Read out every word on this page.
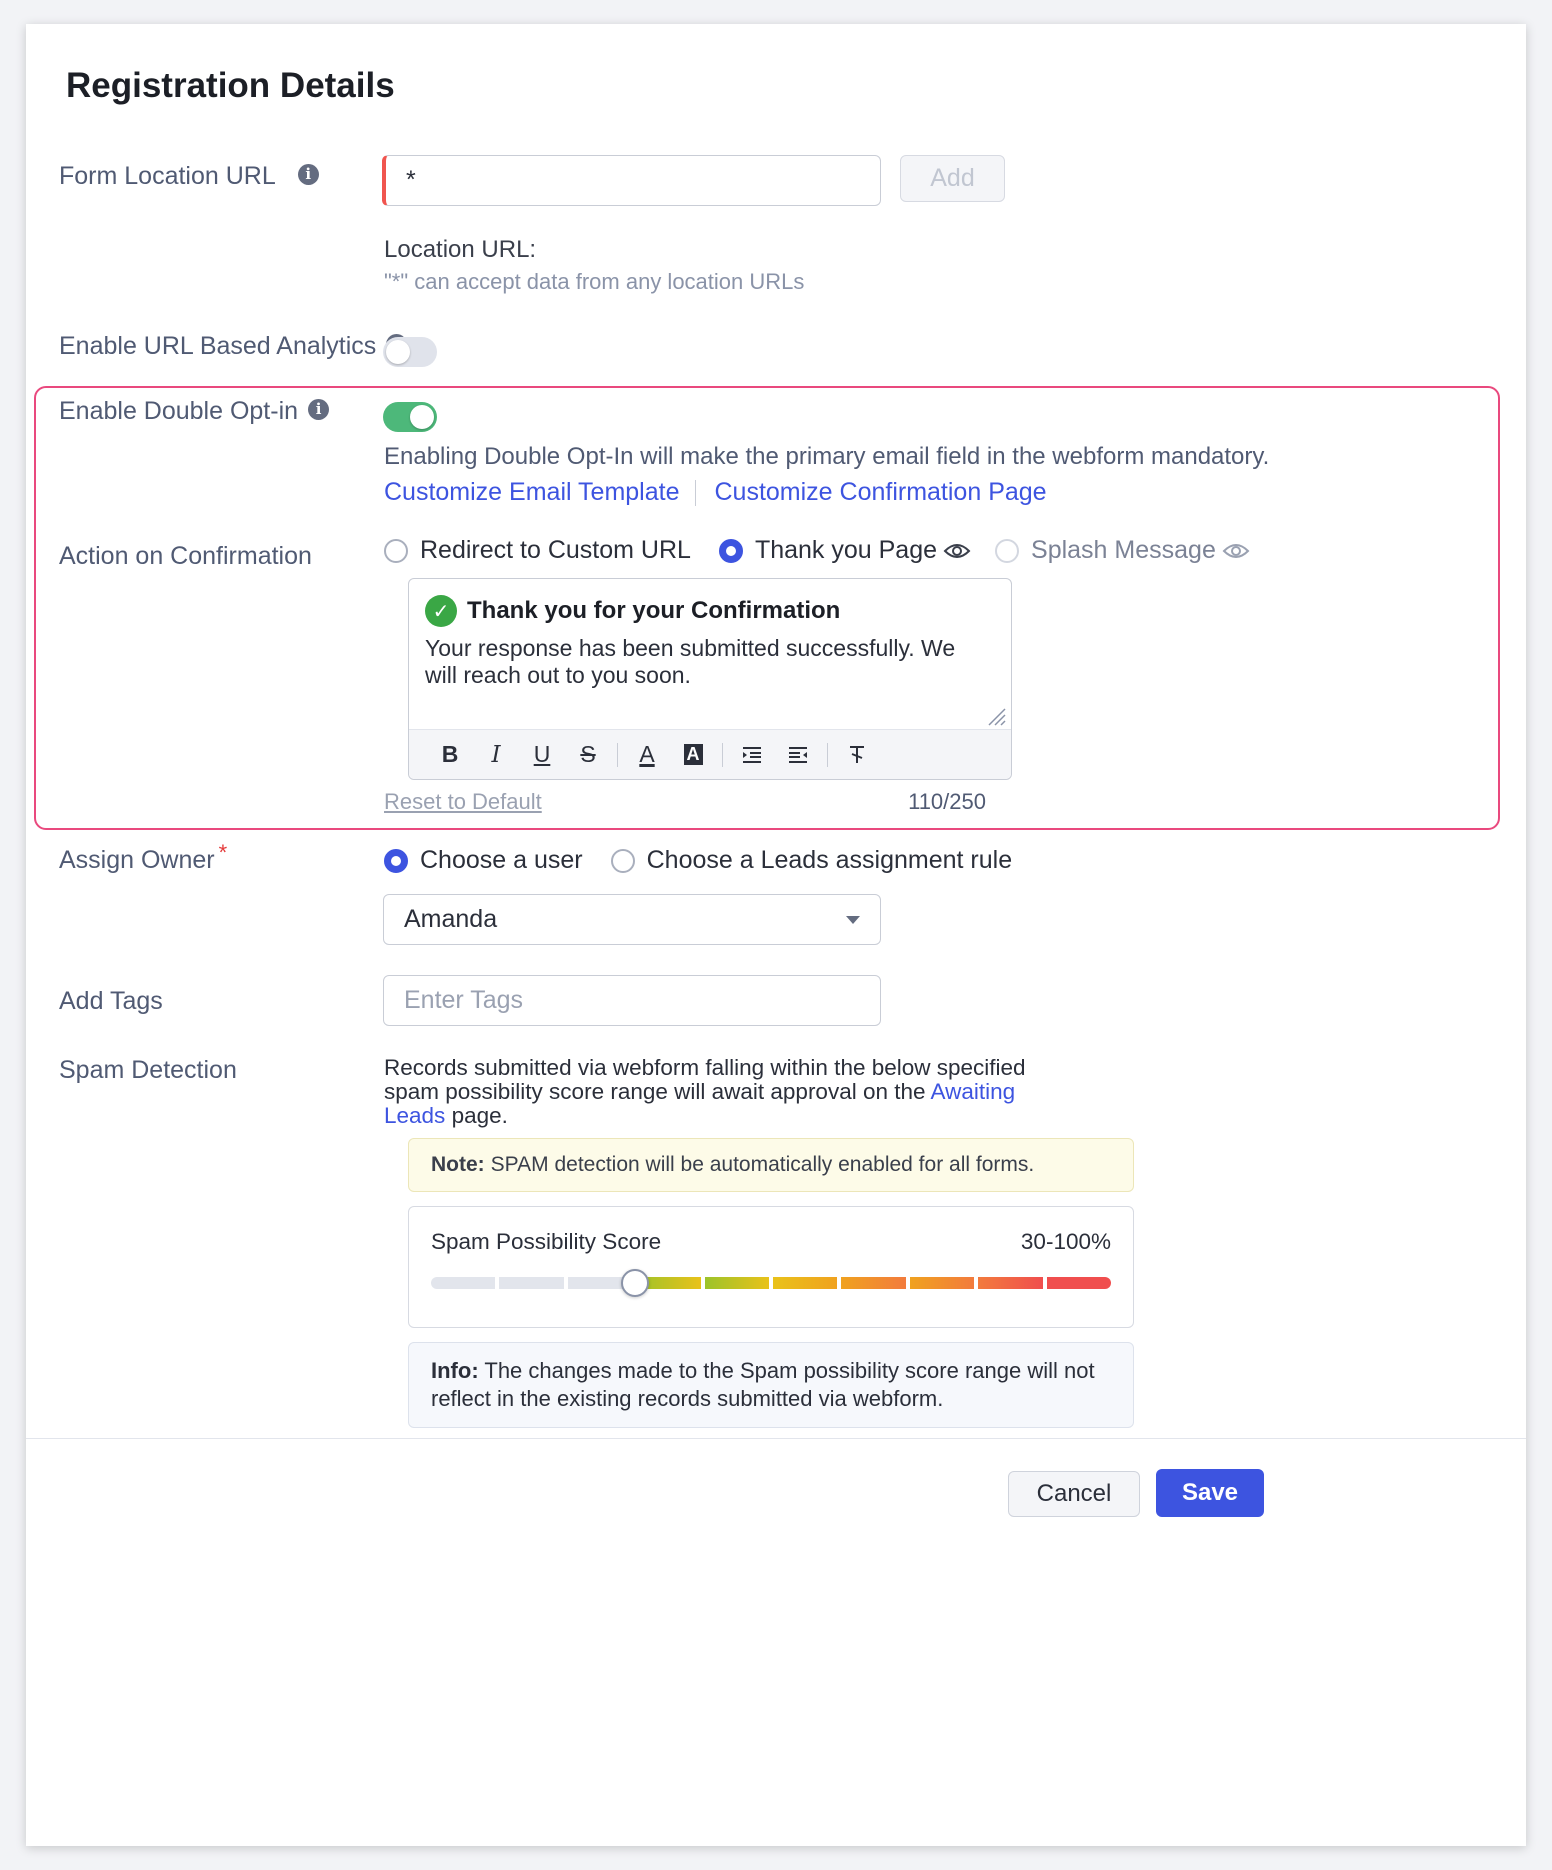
Registration Details
Form Location URL i	*	Add
Location URL:
"*" can accept data from any location URLs
Enable URL Based Analytics
Enable Double Opt-in i
Enabling Double Opt-In will make the primary email field in the webform mandatory.
Customize Email Template Customize Confirmation Page
Action on Confirmation	Redirect to Custom URL	Thank you Page	Splash Message
✓ Thank you for your Confirmation
Your response has been submitted successfully. We will reach out to you soon.
B	I	U	S	A	A
Reset to Default	110/250
Assign Owner *	Choose a user	Choose a Leads assignment rule
Amanda
Add Tags	Enter Tags
Spam Detection	Records submitted via webform falling within the below specified spam possibility score range will await approval on the Awaiting Leads page.
Note: SPAM detection will be automatically enabled for all forms.
Spam Possibility Score	30-100%
Info: The changes made to the Spam possibility score range will not reflect in the existing records submitted via webform.
Cancel	Save
